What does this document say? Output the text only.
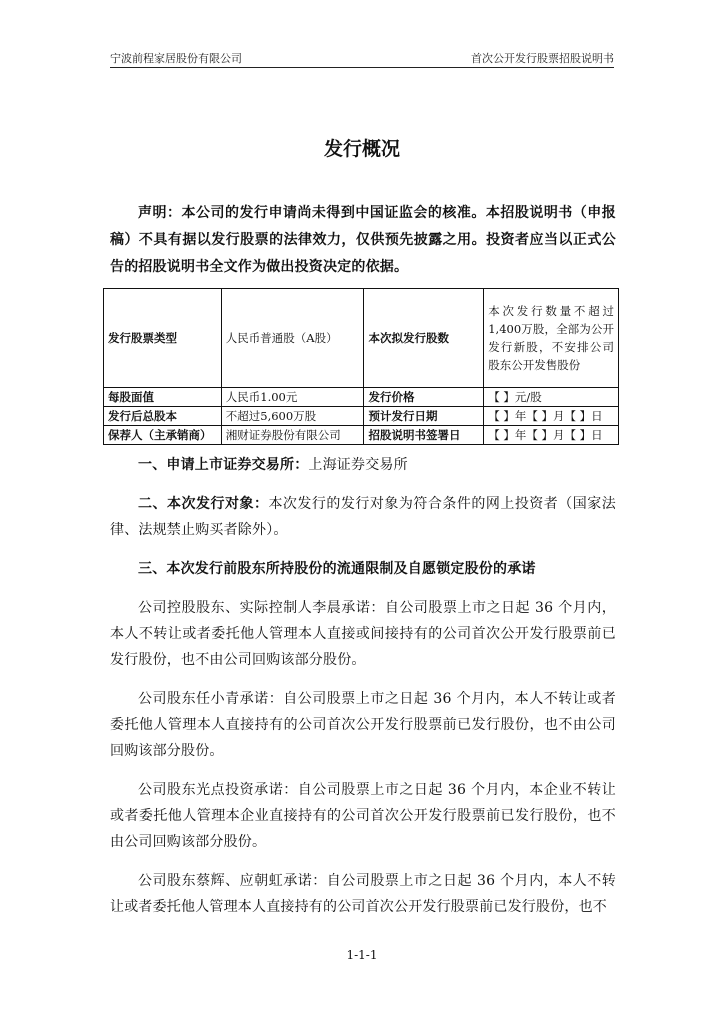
宁波前程家居股份有限公司	首次公开发行股票招股说明书
发行概况

声明：本公司的发行申请尚未得到中国证监会的核准。本招股说明书（申报稿）不具有据以发行股票的法律效力，仅供预先披露之用。投资者应当以正式公告的招股说明书全文作为做出投资决定的依据。

发行股票类型	人民币普通股（A股）	本次拟发行股数	本次发行数量不超过1,400万股，全部为公开发行新股，不安排公司股东公开发售股份
每股面值	人民币1.00元	发行价格	【 】元/股
发行后总股本	不超过5,600万股	预计发行日期	【 】年【 】月【 】日
保荐人（主承销商）	湘财证券股份有限公司	招股说明书签署日	【 】年【 】月【 】日

一、申请上市证券交易所：上海证券交易所

二、本次发行对象：本次发行的发行对象为符合条件的网上投资者（国家法律、法规禁止购买者除外）。

三、本次发行前股东所持股份的流通限制及自愿锁定股份的承诺

公司控股股东、实际控制人李晨承诺：自公司股票上市之日起 36 个月内，本人不转让或者委托他人管理本人直接或间接持有的公司首次公开发行股票前已发行股份，也不由公司回购该部分股份。

公司股东任小青承诺：自公司股票上市之日起 36 个月内，本人不转让或者委托他人管理本人直接持有的公司首次公开发行股票前已发行股份，也不由公司回购该部分股份。

公司股东光点投资承诺：自公司股票上市之日起 36 个月内，本企业不转让或者委托他人管理本企业直接持有的公司首次公开发行股票前已发行股份，也不由公司回购该部分股份。

公司股东蔡辉、应朝虹承诺：自公司股票上市之日起 36 个月内，本人不转让或者委托他人管理本人直接持有的公司首次公开发行股票前已发行股份，也不

1-1-1
